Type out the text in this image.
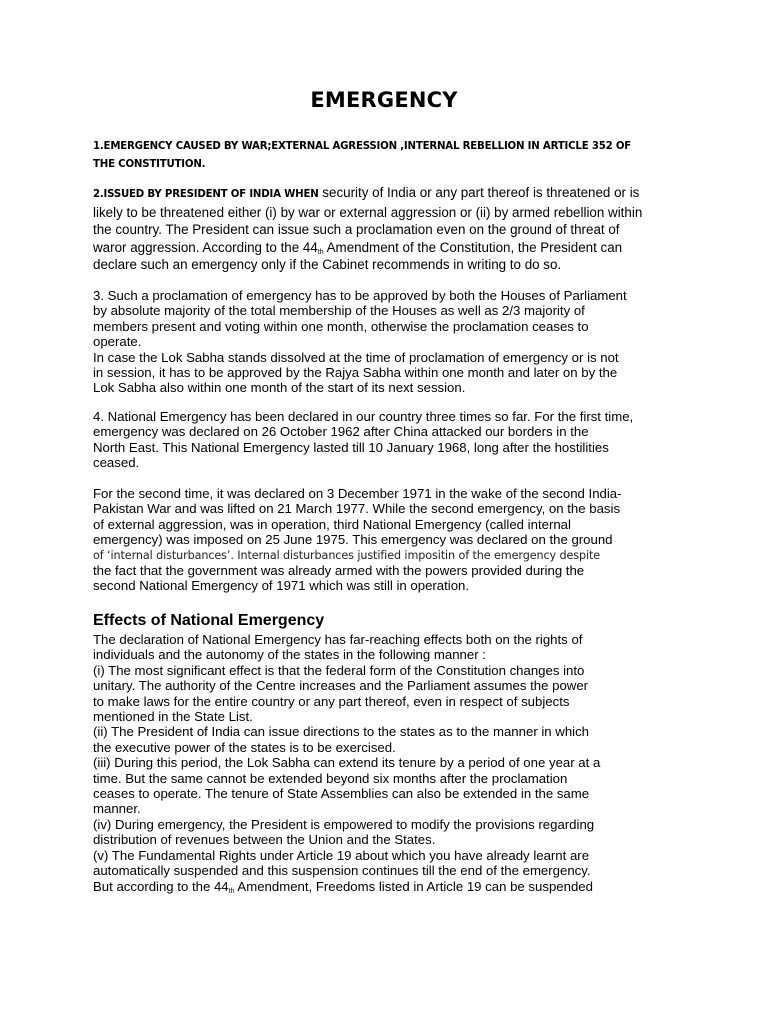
EMERGENCY
1.EMERGENCY CAUSED BY WAR;EXTERNAL AGRESSION ,INTERNAL REBELLION IN ARTICLE 352 OF
THE CONSTITUTION.
2.ISSUED BY PRESIDENT OF INDIA WHEN security of India or any part thereof is threatened or is
likely to be threatened either (i) by war or external aggression or (ii) by armed rebellion within
the country. The President can issue such a proclamation even on the ground of threat of
waror aggression. According to the $44_{th}$ Amendment of the Constitution, the President can
declare such an emergency only if the Cabinet recommends in writing to do so.
3. Such a proclamation of emergency has to be approved by both the Houses of Parliament
by absolute majority of the total membership of the Houses as well as 2/3 majority of
members present and voting within one month, otherwise the proclamation ceases to
operate.
In case the Lok Sabha stands dissolved at the time of proclamation of emergency or is not
in session, it has to be approved by the Rajya Sabha within one month and later on by the
Lok Sabha also within one month of the start of its next session.
4. National Emergency has been declared in our country three times so far. For the first time,
emergency was declared on 26 October 1962 after China attacked our borders in the
North East. This National Emergency lasted till 10 January 1968, long after the hostilities
ceased.
For the second time, it was declared on 3 December 1971 in the wake of the second India-
Pakistan War and was lifted on 21 March 1977. While the second emergency, on the basis
of external aggression, was in operation, third National Emergency (called internal
emergency) was imposed on 25 June 1975. This emergency was declared on the ground
of ‘internal disturbances’. Internal disturbances justified impositin of the emergency despite
the fact that the government was already armed with the powers provided during the
second National Emergency of 1971 which was still in operation.
Effects of National Emergency
The declaration of National Emergency has far-reaching effects both on the rights of
individuals and the autonomy of the states in the following manner :
(i) The most significant effect is that the federal form of the Constitution changes into
unitary. The authority of the Centre increases and the Parliament assumes the power
to make laws for the entire country or any part thereof, even in respect of subjects
mentioned in the State List.
(ii) The President of India can issue directions to the states as to the manner in which
the executive power of the states is to be exercised.
(iii) During this period, the Lok Sabha can extend its tenure by a period of one year at a
time. But the same cannot be extended beyond six months after the proclamation
ceases to operate. The tenure of State Assemblies can also be extended in the same
manner.
(iv) During emergency, the President is empowered to modify the provisions regarding
distribution of revenues between the Union and the States.
(v) The Fundamental Rights under Article 19 about which you have already learnt are
automatically suspended and this suspension continues till the end of the emergency.
But according to the $44_{th}$ Amendment, Freedoms listed in Article 19 can be suspended
